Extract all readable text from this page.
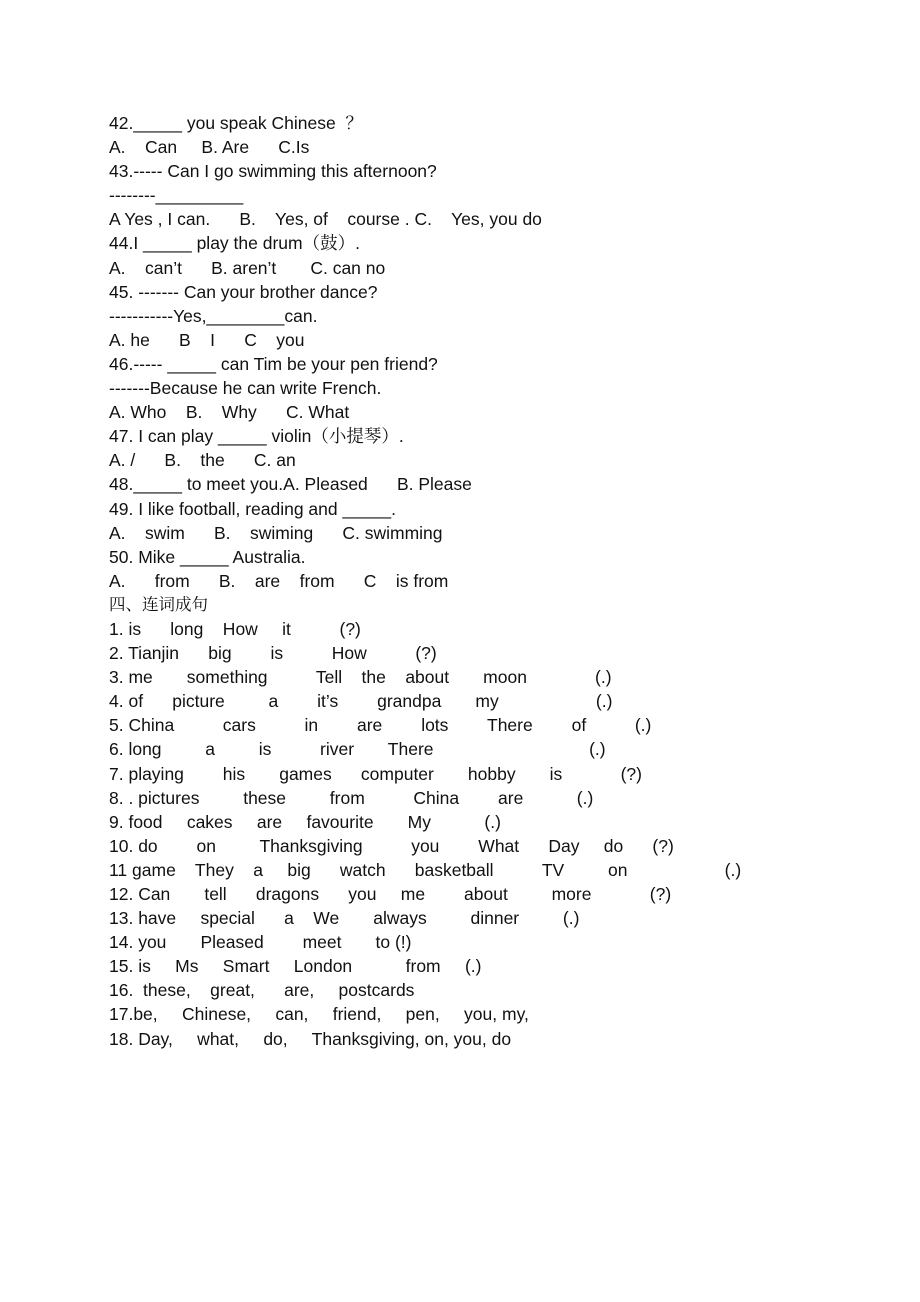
42._____ you speak Chinese  ？

A.    Can     B. Are      C.Is

43.----- Can I go swimming this afternoon?

--------_________

A Yes , I can.      B.    Yes, of    course . C.    Yes, you do

44.I _____ play the drum（鼓）.

A.    can’t      B. aren’t       C. can no

45. ------- Can your brother dance?

-----------Yes,________can.

A. he      B    I      C    you

46.----- _____ can Tim be your pen friend?

-------Because he can write French.

A. Who    B.    Why      C. What

47. I can play _____ violin（小提琴）.

A. /      B.    the      C. an

48._____ to meet you.A. Pleased      B. Please

49. I like football, reading and _____.

A.    swim      B.    swiming      C. swimming

50. Mike _____ Australia.

A.      from      B.    are    from      C    is from

四、连词成句

1. is      long    How     it          (?)

2. Tianjin      big        is          How          (?)

3. me       something          Tell    the    about       moon              (.)

4. of      picture         a        it’s        grandpa       my                    (.)

5. China          cars          in        are        lots        There        of          (.)

6. long         a         is          river       There                                (.)

7. playing        his       games      computer       hobby       is            (?)

8. . pictures         these         from          China        are           (.)

9. food     cakes     are     favourite       My           (.)

10. do        on         Thanksgiving          you        What      Day     do      (?)

11 game    They    a     big      watch      basketball          TV         on                    (.)

12. Can       tell      dragons      you     me        about         more            (?)

13. have     special      a    We       always         dinner         (.)

14. you       Pleased        meet       to (!)

15. is     Ms     Smart     London           from     (.)

16.  these,    great,      are,     postcards

17.be,     Chinese,     can,     friend,     pen,     you, my,

18. Day,     what,     do,     Thanksgiving, on, you, do
